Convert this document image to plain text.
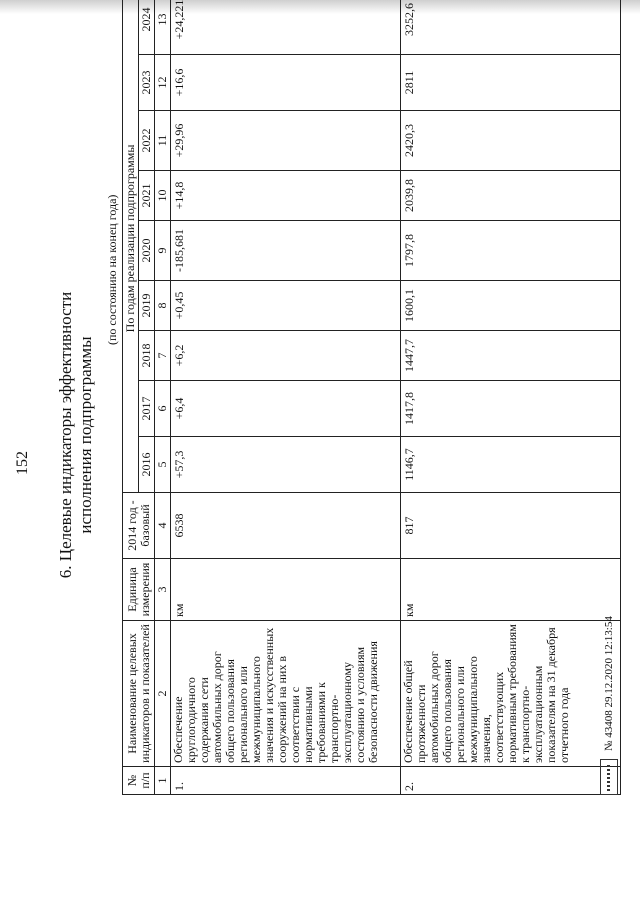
152 6. Целевые индикаторы эффективности исполнения подпрограммы
(по состоянию на конец года)
№ п/п	Наименование целевых индикаторов и показателей	Единица измерения	2014 год - базовый	По годам реализации подпрограммы								
				2016	2017	2018	2019	2020	2021	2022	2023	2024
1	2	3	4	5	6	7	8	9	10	11	12	13
1.	Обеспечение круглогодичного содержания сети автомобильных дорог общего пользования регионального или межмуниципального значения и искусственных сооружений на них в соответствии с нормативными требованиями к транспортно-эксплуатационному состоянию и условиям безопасности движения	км	6538	+57,3	+6,4	+6,2	+0,45	-185,681	+14,8	+29,96	+16,6	+24,221
2.	Обеспечение общей протяженности автомобильных дорог общего пользования регионального или межмуниципального значения, соответствующих нормативным требованиям к транспортно-эксплуатационным показателям на 31 декабря отчетного года	км	817	1146,7	1417,8	1447,7	1600,1	1797,8	2039,8	2420,3	2811	3252,6
№ 43408 29.12.2020 12:13:54
